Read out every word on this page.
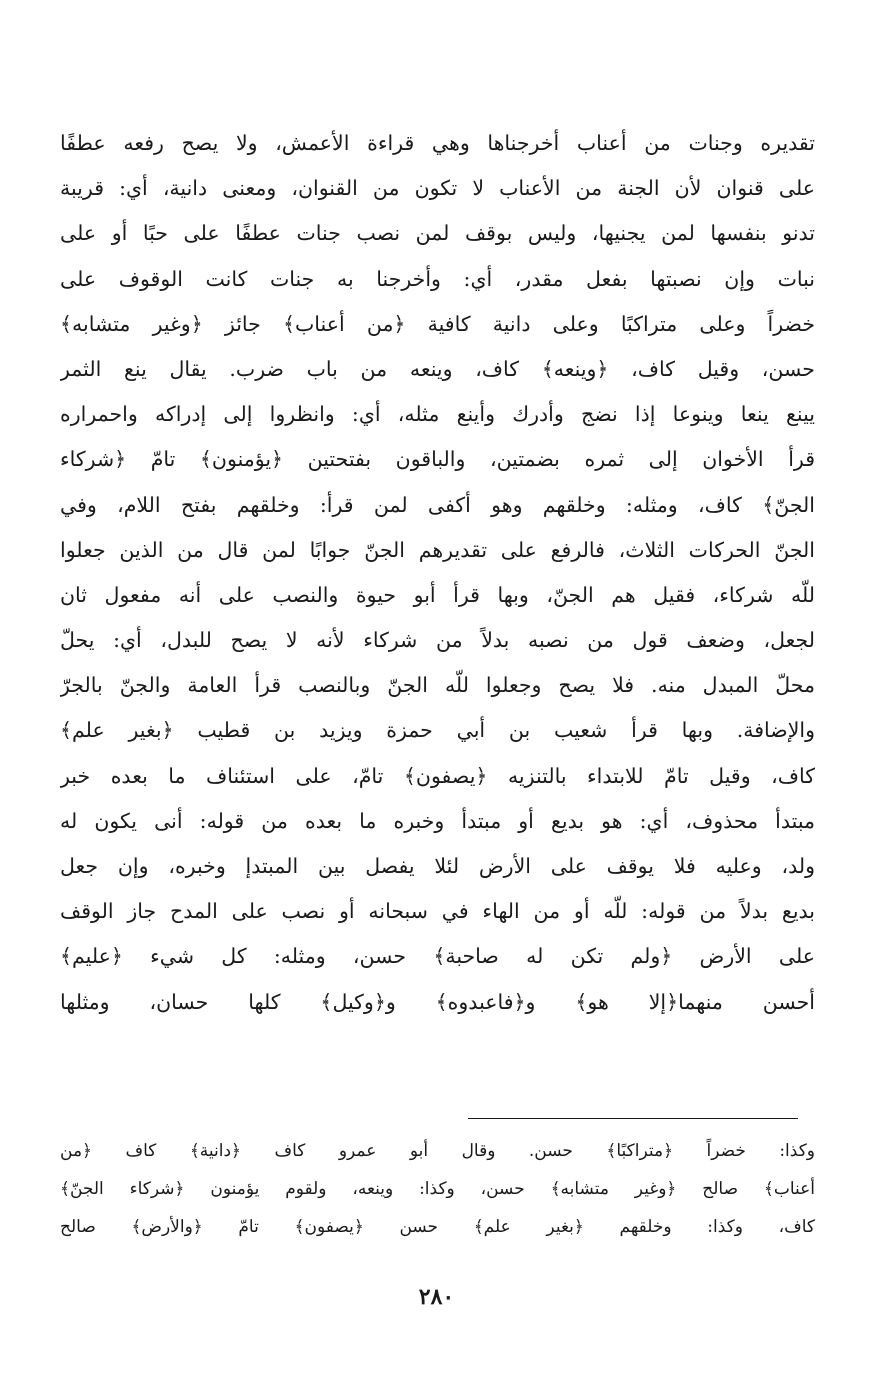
تقديره وجنات من أعناب أخرجناها وهي قراءة الأعمش، ولا يصح رفعه عطفًا
على قنوان لأن الجنة من الأعناب لا تكون من القنوان، ومعنى دانية، أي: قريبة
تدنو بنفسها لمن يجنيها، وليس بوقف لمن نصب جنات عطفًا على حبًا أو على
نبات وإن نصبتها بفعل مقدر، أي: وأخرجنا به جنات كانت الوقوف على
خضراً وعلى متراكبًا وعلى دانية كافية ﴿من أعناب﴾ جائز ﴿وغير متشابه﴾
حسن، وقيل كاف، ﴿وينعه﴾ كاف، وينعه من باب ضرب. يقال ينع الثمر
يينع ينعا وينوعا إذا نضج وأدرك وأينع مثله، أي: وانظروا إلى إدراكه واحمراره
قرأ الأخوان إلى ثمره بضمتين، والباقون بفتحتين ﴿يؤمنون﴾ تامّ ﴿شركاء
الجنّ﴾ كاف، ومثله: وخلقهم وهو أكفى لمن قرأ: وخلقهم بفتح اللام، وفي
الجنّ الحركات الثلاث، فالرفع على تقديرهم الجنّ جوابًا لمن قال من الذين جعلوا
للّه شركاء، فقيل هم الجنّ، وبها قرأ أبو حيوة والنصب على أنه مفعول ثان
لجعل، وضعف قول من نصبه بدلاً من شركاء لأنه لا يصح للبدل، أي: يحلّ
محلّ المبدل منه. فلا يصح وجعلوا للّه الجنّ وبالنصب قرأ العامة والجنّ بالجرّ
والإضافة. وبها قرأ شعيب بن أبي حمزة ويزيد بن قطيب ﴿بغير علم﴾
كاف، وقيل تامّ للابتداء بالتنزيه ﴿يصفون﴾ تامّ، على استئناف ما بعده خبر
مبتدأ محذوف، أي: هو بديع أو مبتدأ وخبره ما بعده من قوله: أنى يكون له
ولد، وعليه فلا يوقف على الأرض لئلا يفصل بين المبتدإ وخبره، وإن جعل
بديع بدلاً من قوله: للّه أو من الهاء في سبحانه أو نصب على المدح جاز الوقف
على الأرض ﴿ولم تكن له صاحبة﴾ حسن، ومثله: كل شيء ﴿عليم﴾
أحسن منهما﴿إلا هو﴾ و﴿فاعبدوه﴾ و﴿وكيل﴾ كلها حسان، ومثلها
وكذا: خضراً ﴿متراكبًا﴾ حسن. وقال أبو عمرو كاف ﴿دانية﴾ كاف ﴿من
أعناب﴾ صالح ﴿وغير متشابه﴾ حسن، وكذا: وينعه، ولقوم يؤمنون ﴿شركاء الجنّ﴾
كاف، وكذا: وخلقهم ﴿بغير علم﴾ حسن ﴿يصفون﴾ تامّ ﴿والأرض﴾ صالح
٢٨٠
